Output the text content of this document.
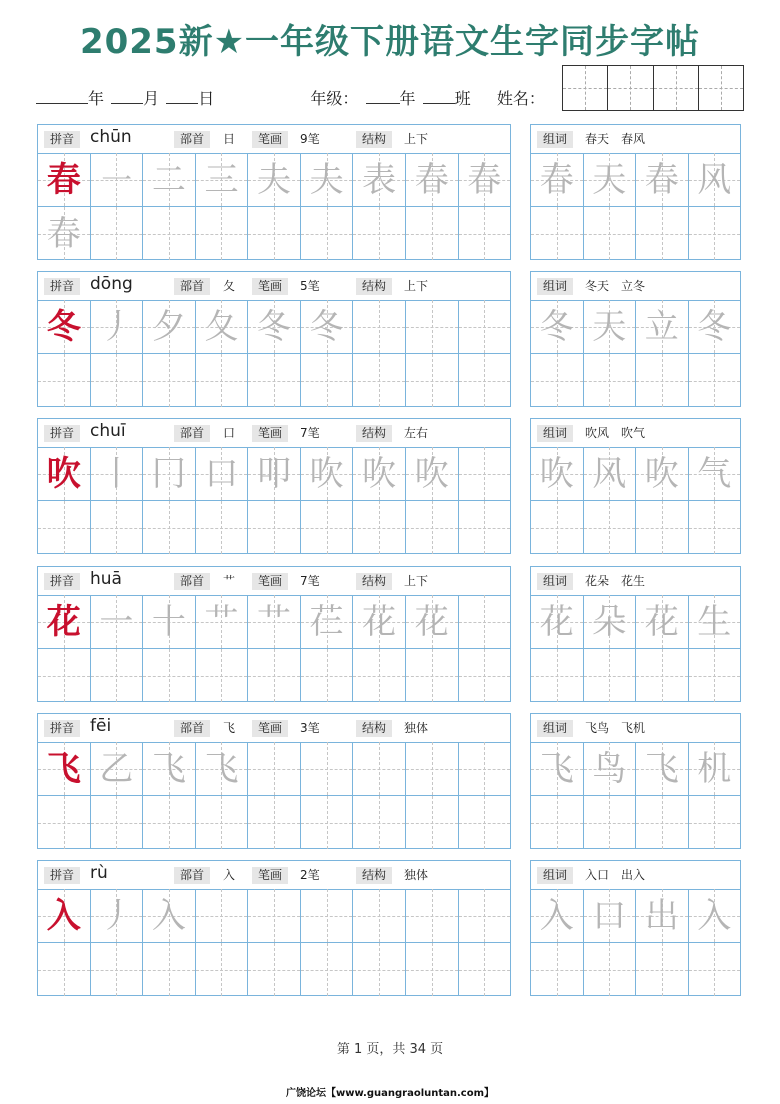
2025新★一年级下册语文生字同步字帖
年 月 日	年级：	年 班 姓名：
拼音 chūn	部首	日	笔画	9笔	结构	上下
春 ㇐ 二 三 夫 夫 表 春 春
春
组词	春天　春风
春 天 春 风
拼音 dōng	部首	夂	笔画	5笔	结构	上下
冬 丿 夕 夂 冬 冬
组词	冬天　立冬
冬 天 立 冬
拼音 chuī	部首	口	笔画	7笔	结构	左右
吹 丨 冂 口 叩 吹 吹 吹
组词	吹风　吹气
吹 风 吹 气
拼音 huā	部首	艹	笔画	7笔	结构	上下
花 一 十 艹 艹 芢 花 花
组词	花朵　花生
花 朵 花 生
拼音 fēi	部首	飞	笔画	3笔	结构	独体
飞 乙 飞 飞
组词	飞鸟　飞机
飞 鸟 飞 机
拼音 rù	部首	入	笔画	2笔	结构	独体
入 丿 入
组词	入口　出入
入 口 出 入
第 1 页，共 34 页
广饶论坛【www.guangraoluntan.com】
